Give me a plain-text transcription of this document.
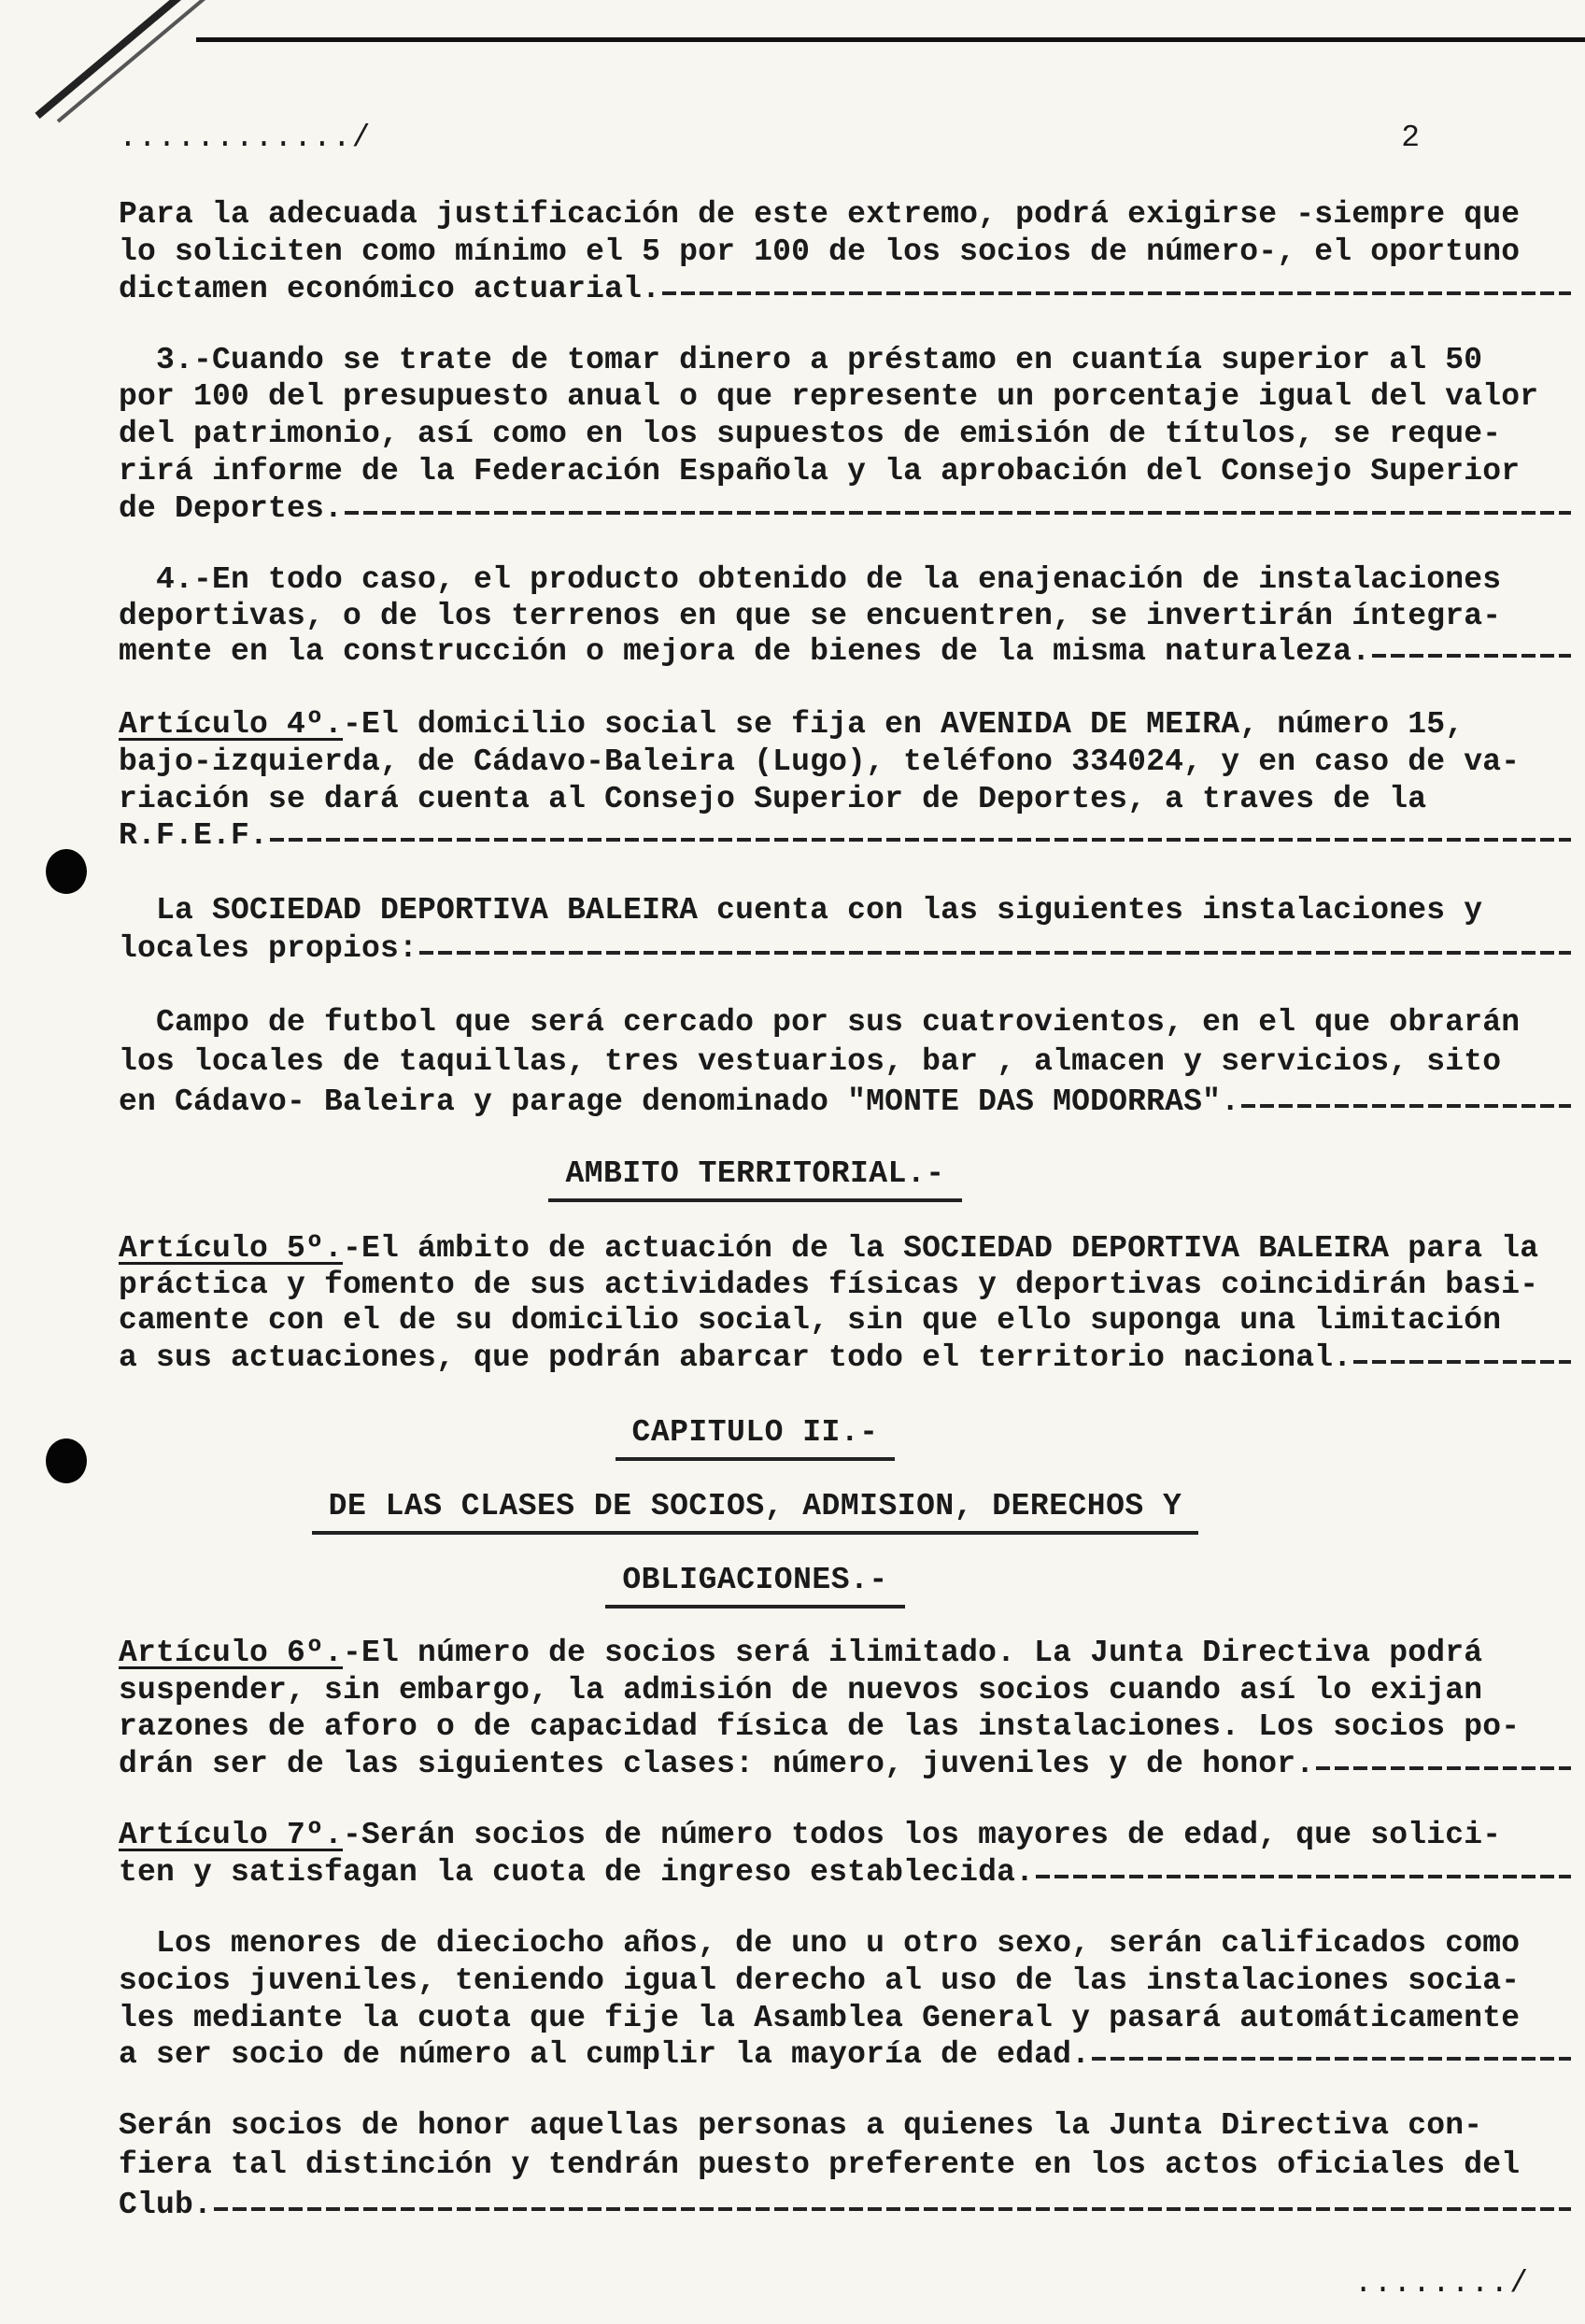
............/	2
Para la adecuada justificación de este extremo, podrá exigirse -siempre que
lo soliciten como mínimo el 5 por 100 de los socios de número-, el oportuno
dictamen económico actuarial.
3.-Cuando se trate de tomar dinero a préstamo en cuantía superior al 50
por 100 del presupuesto anual o que represente un porcentaje igual del valor
del patrimonio, así como en los supuestos de emisión de títulos, se reque-
rirá informe de la Federación Española y la aprobación del Consejo Superior
de Deportes.
4.-En todo caso, el producto obtenido de la enajenación de instalaciones
deportivas, o de los terrenos en que se encuentren, se invertirán íntegra-
mente en la construcción o mejora de bienes de la misma naturaleza.
Artículo 4º. -El domicilio social se fija en AVENIDA DE MEIRA, número 15,
bajo-izquierda, de Cádavo-Baleira (Lugo), teléfono 334024, y en caso de va-
riación se dará cuenta al Consejo Superior de Deportes, a traves de la
R.F.E.F.
La SOCIEDAD DEPORTIVA BALEIRA cuenta con las siguientes instalaciones y
locales propios:
Campo de futbol que será cercado por sus cuatrovientos, en el que obrarán
los locales de taquillas, tres vestuarios, bar , almacen y servicios, sito
en Cádavo- Baleira y parage denominado "MONTE DAS MODORRAS".
Artículo 5º. -El ámbito de actuación de la SOCIEDAD DEPORTIVA BALEIRA para la
práctica y fomento de sus actividades físicas y deportivas coincidirán basi-
camente con el de su domicilio social, sin que ello suponga una limitación
a sus actuaciones, que podrán abarcar todo el territorio nacional.
Artículo 6º. -El número de socios será ilimitado. La Junta Directiva podrá
suspender, sin embargo, la admisión de nuevos socios cuando así lo exijan
razones de aforo o de capacidad física de las instalaciones. Los socios po-
drán ser de las siguientes clases: número, juveniles y de honor.
Artículo 7º. -Serán socios de número todos los mayores de edad, que solici-
ten y satisfagan la cuota de ingreso establecida.
Los menores de dieciocho años, de uno u otro sexo, serán calificados como
socios juveniles, teniendo igual derecho al uso de las instalaciones socia-
les mediante la cuota que fije la Asamblea General y pasará automáticamente
a ser socio de número al cumplir la mayoría de edad.
Serán socios de honor aquellas personas a quienes la Junta Directiva con-
fiera tal distinción y tendrán puesto preferente en los actos oficiales del
Club.
AMBITO TERRITORIAL.-
CAPITULO II.-
DE LAS CLASES DE SOCIOS, ADMISION, DERECHOS Y
OBLIGACIONES.-
......../
